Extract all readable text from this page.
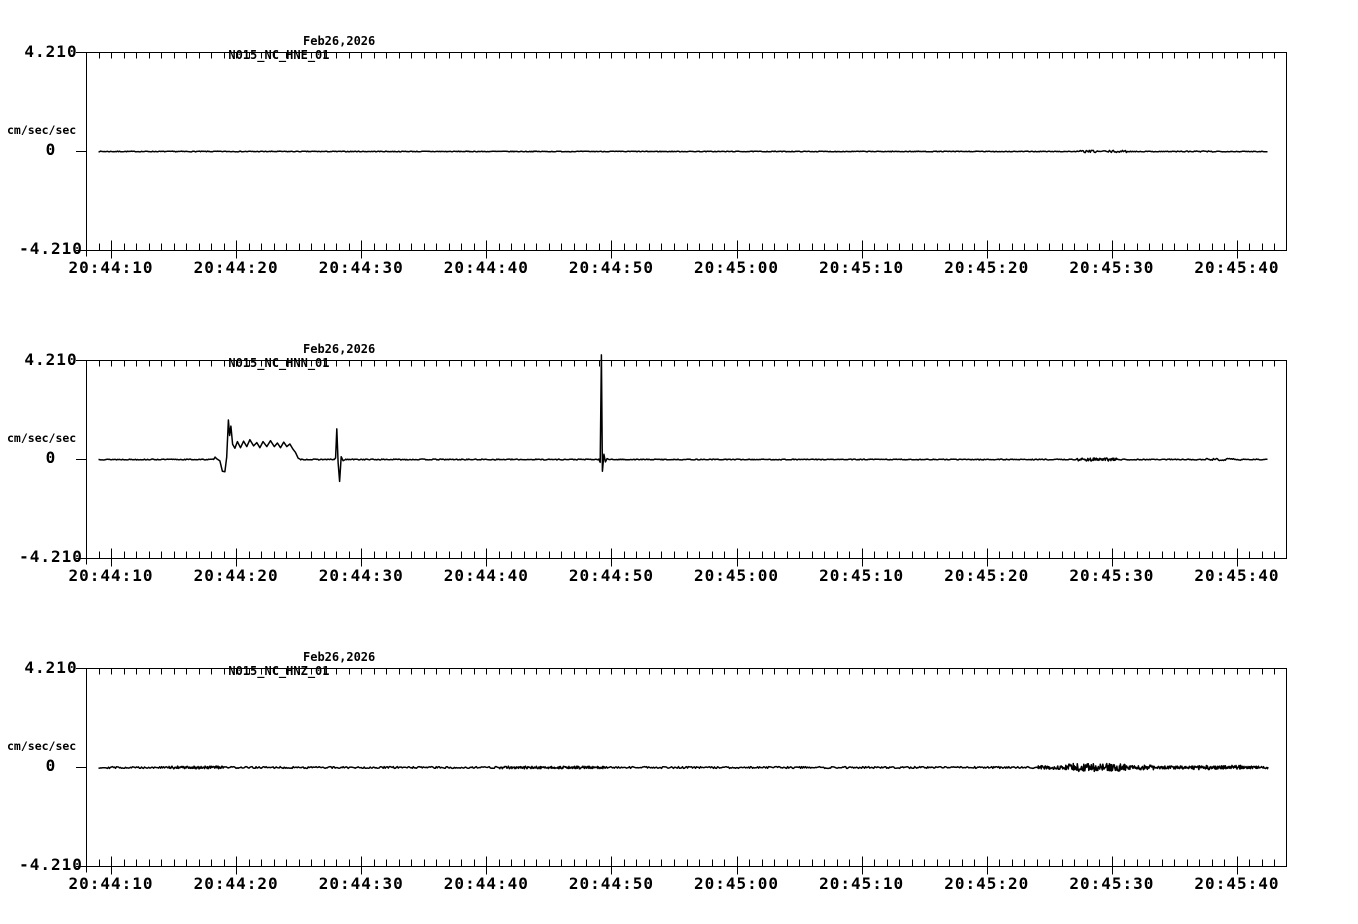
N015_NC_HNE_01

Feb26,2026

4.210
cm/sec/sec
0
-4.210
20:44:10	20:44:20	20:44:30	20:44:40	20:44:50	20:45:00	20:45:10	20:45:20	20:45:30	20:45:40

N015_NC_HNN_01

Feb26,2026

4.210
cm/sec/sec
0
-4.210
20:44:10	20:44:20	20:44:30	20:44:40	20:44:50	20:45:00	20:45:10	20:45:20	20:45:30	20:45:40

N015_NC_HNZ_01

Feb26,2026

4.210
cm/sec/sec
0
-4.210
20:44:10	20:44:20	20:44:30	20:44:40	20:44:50	20:45:00	20:45:10	20:45:20	20:45:30	20:45:40
